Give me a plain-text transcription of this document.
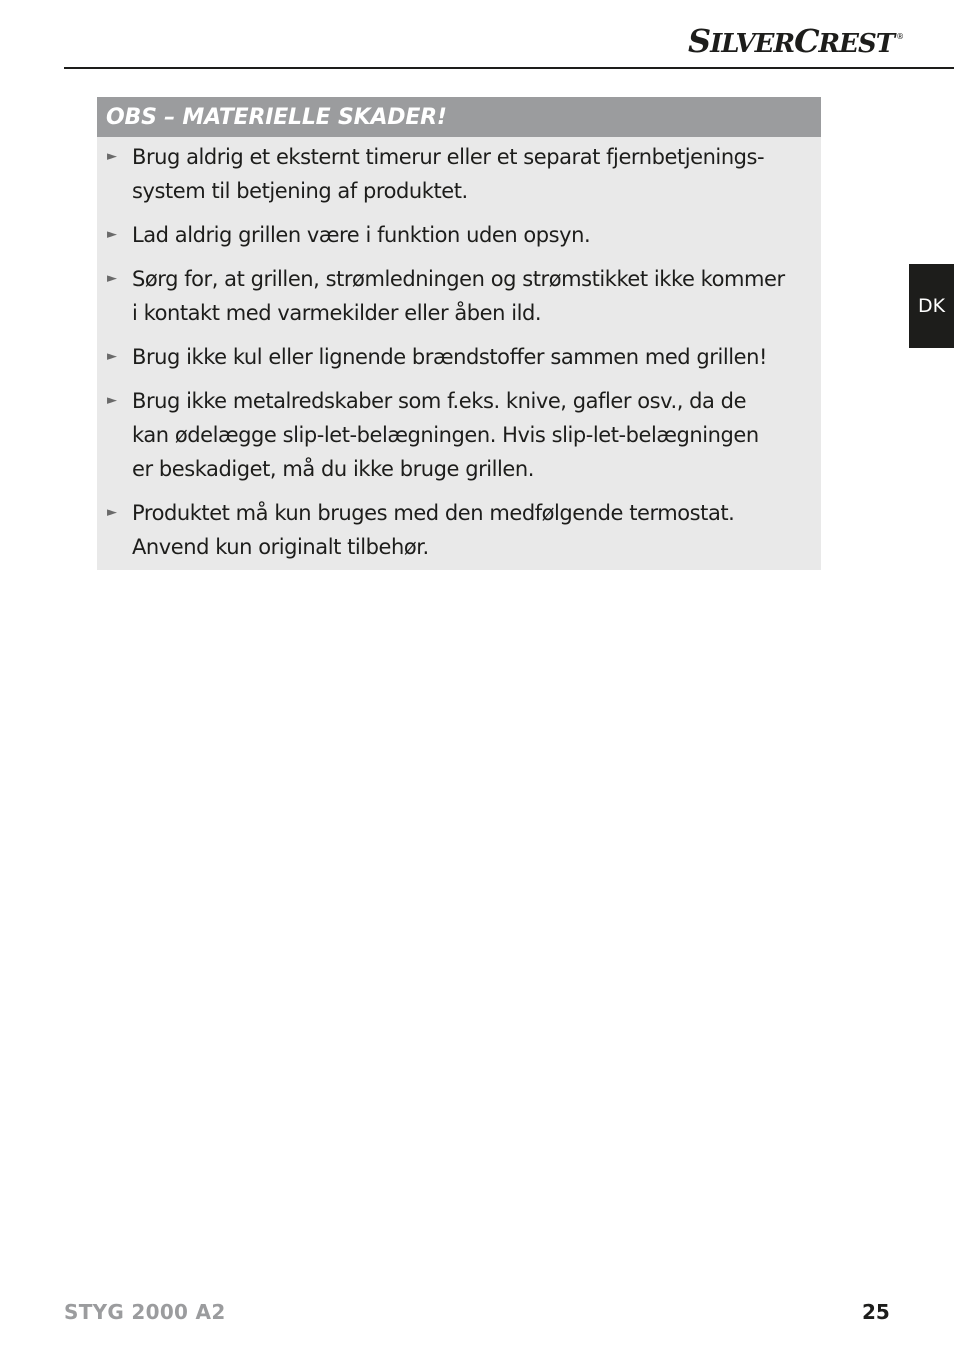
SILVERCREST ®
DK
OBS – MATERIELLE SKADER!
► Brug aldrig et eksternt timerur eller et separat fjernbetjenings-
system til betjening af produktet.
► Lad aldrig grillen være i funktion uden opsyn.
► Sørg for, at grillen, strømledningen og strømstikket ikke kommer
i kontakt med varmekilder eller åben ild.
► Brug ikke kul eller lignende brændstoffer sammen med grillen!
► Brug ikke metalredskaber som f.eks. knive, gafler osv., da de
kan ødelægge slip-let-belægningen. Hvis slip-let-belægningen
er beskadiget, må du ikke bruge grillen.
► Produktet må kun bruges med den medfølgende termostat.
Anvend kun originalt tilbehør.
STYG 2000 A2	25
